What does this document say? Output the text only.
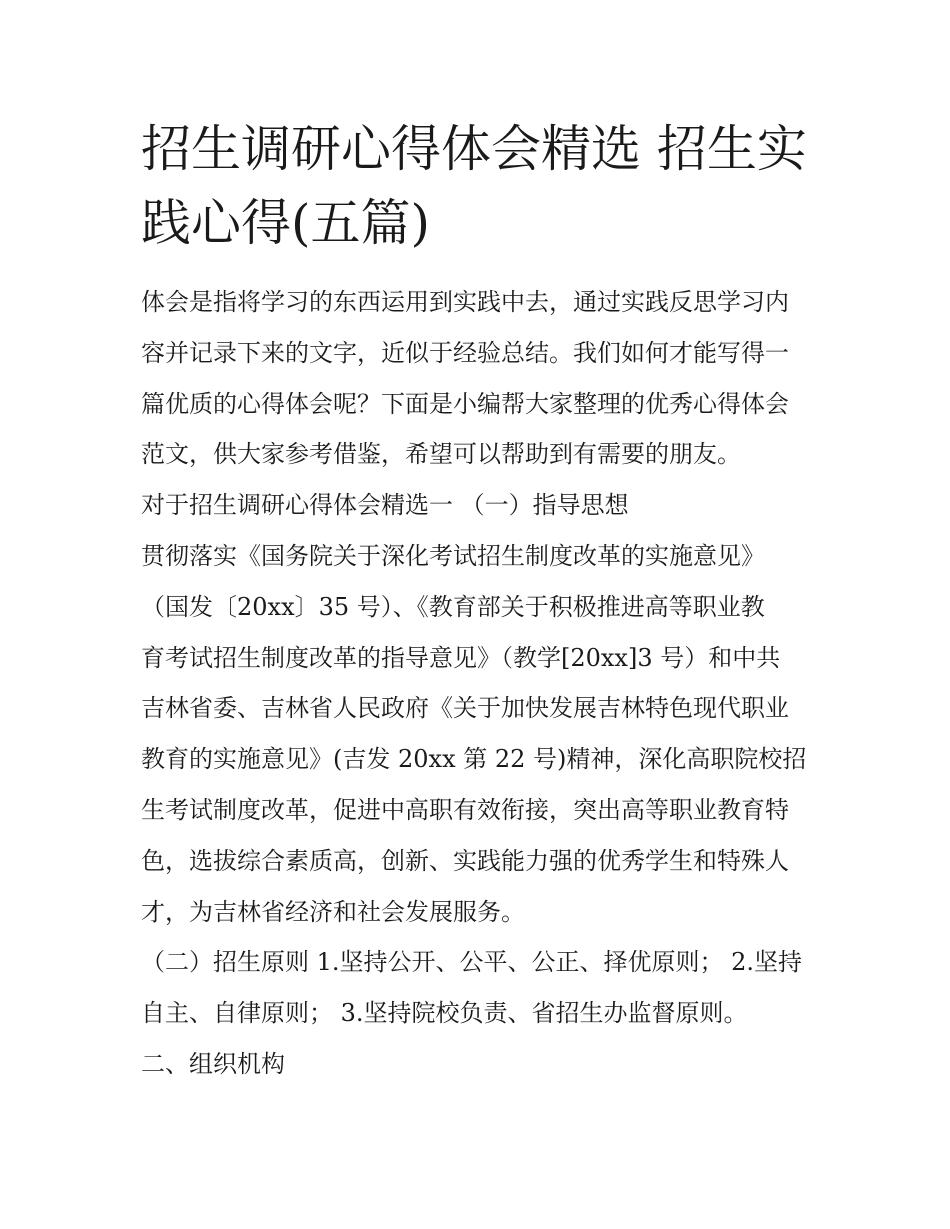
招生调研心得体会精选 招生实
践心得(五篇)
体会是指将学习的东西运用到实践中去，通过实践反思学习内
容并记录下来的文字，近似于经验总结。我们如何才能写得一
篇优质的心得体会呢？下面是小编帮大家整理的优秀心得体会
范文，供大家参考借鉴，希望可以帮助到有需要的朋友。
对于招生调研心得体会精选一 （一）指导思想
贯彻落实《国务院关于深化考试招生制度改革的实施意见》
（国发〔20xx〕35 号）、《教育部关于积极推进高等职业教
育考试招生制度改革的指导意见》（教学[20xx]3 号）和中共
吉林省委、吉林省人民政府《关于加快发展吉林特色现代职业
教育的实施意见》(吉发 20xx 第 22 号)精神，深化高职院校招
生考试制度改革，促进中高职有效衔接，突出高等职业教育特
色，选拔综合素质高，创新、实践能力强的优秀学生和特殊人
才，为吉林省经济和社会发展服务。
（二）招生原则 1.坚持公开、公平、公正、择优原则； 2.坚持
自主、自律原则； 3.坚持院校负责、省招生办监督原则。
二、组织机构
